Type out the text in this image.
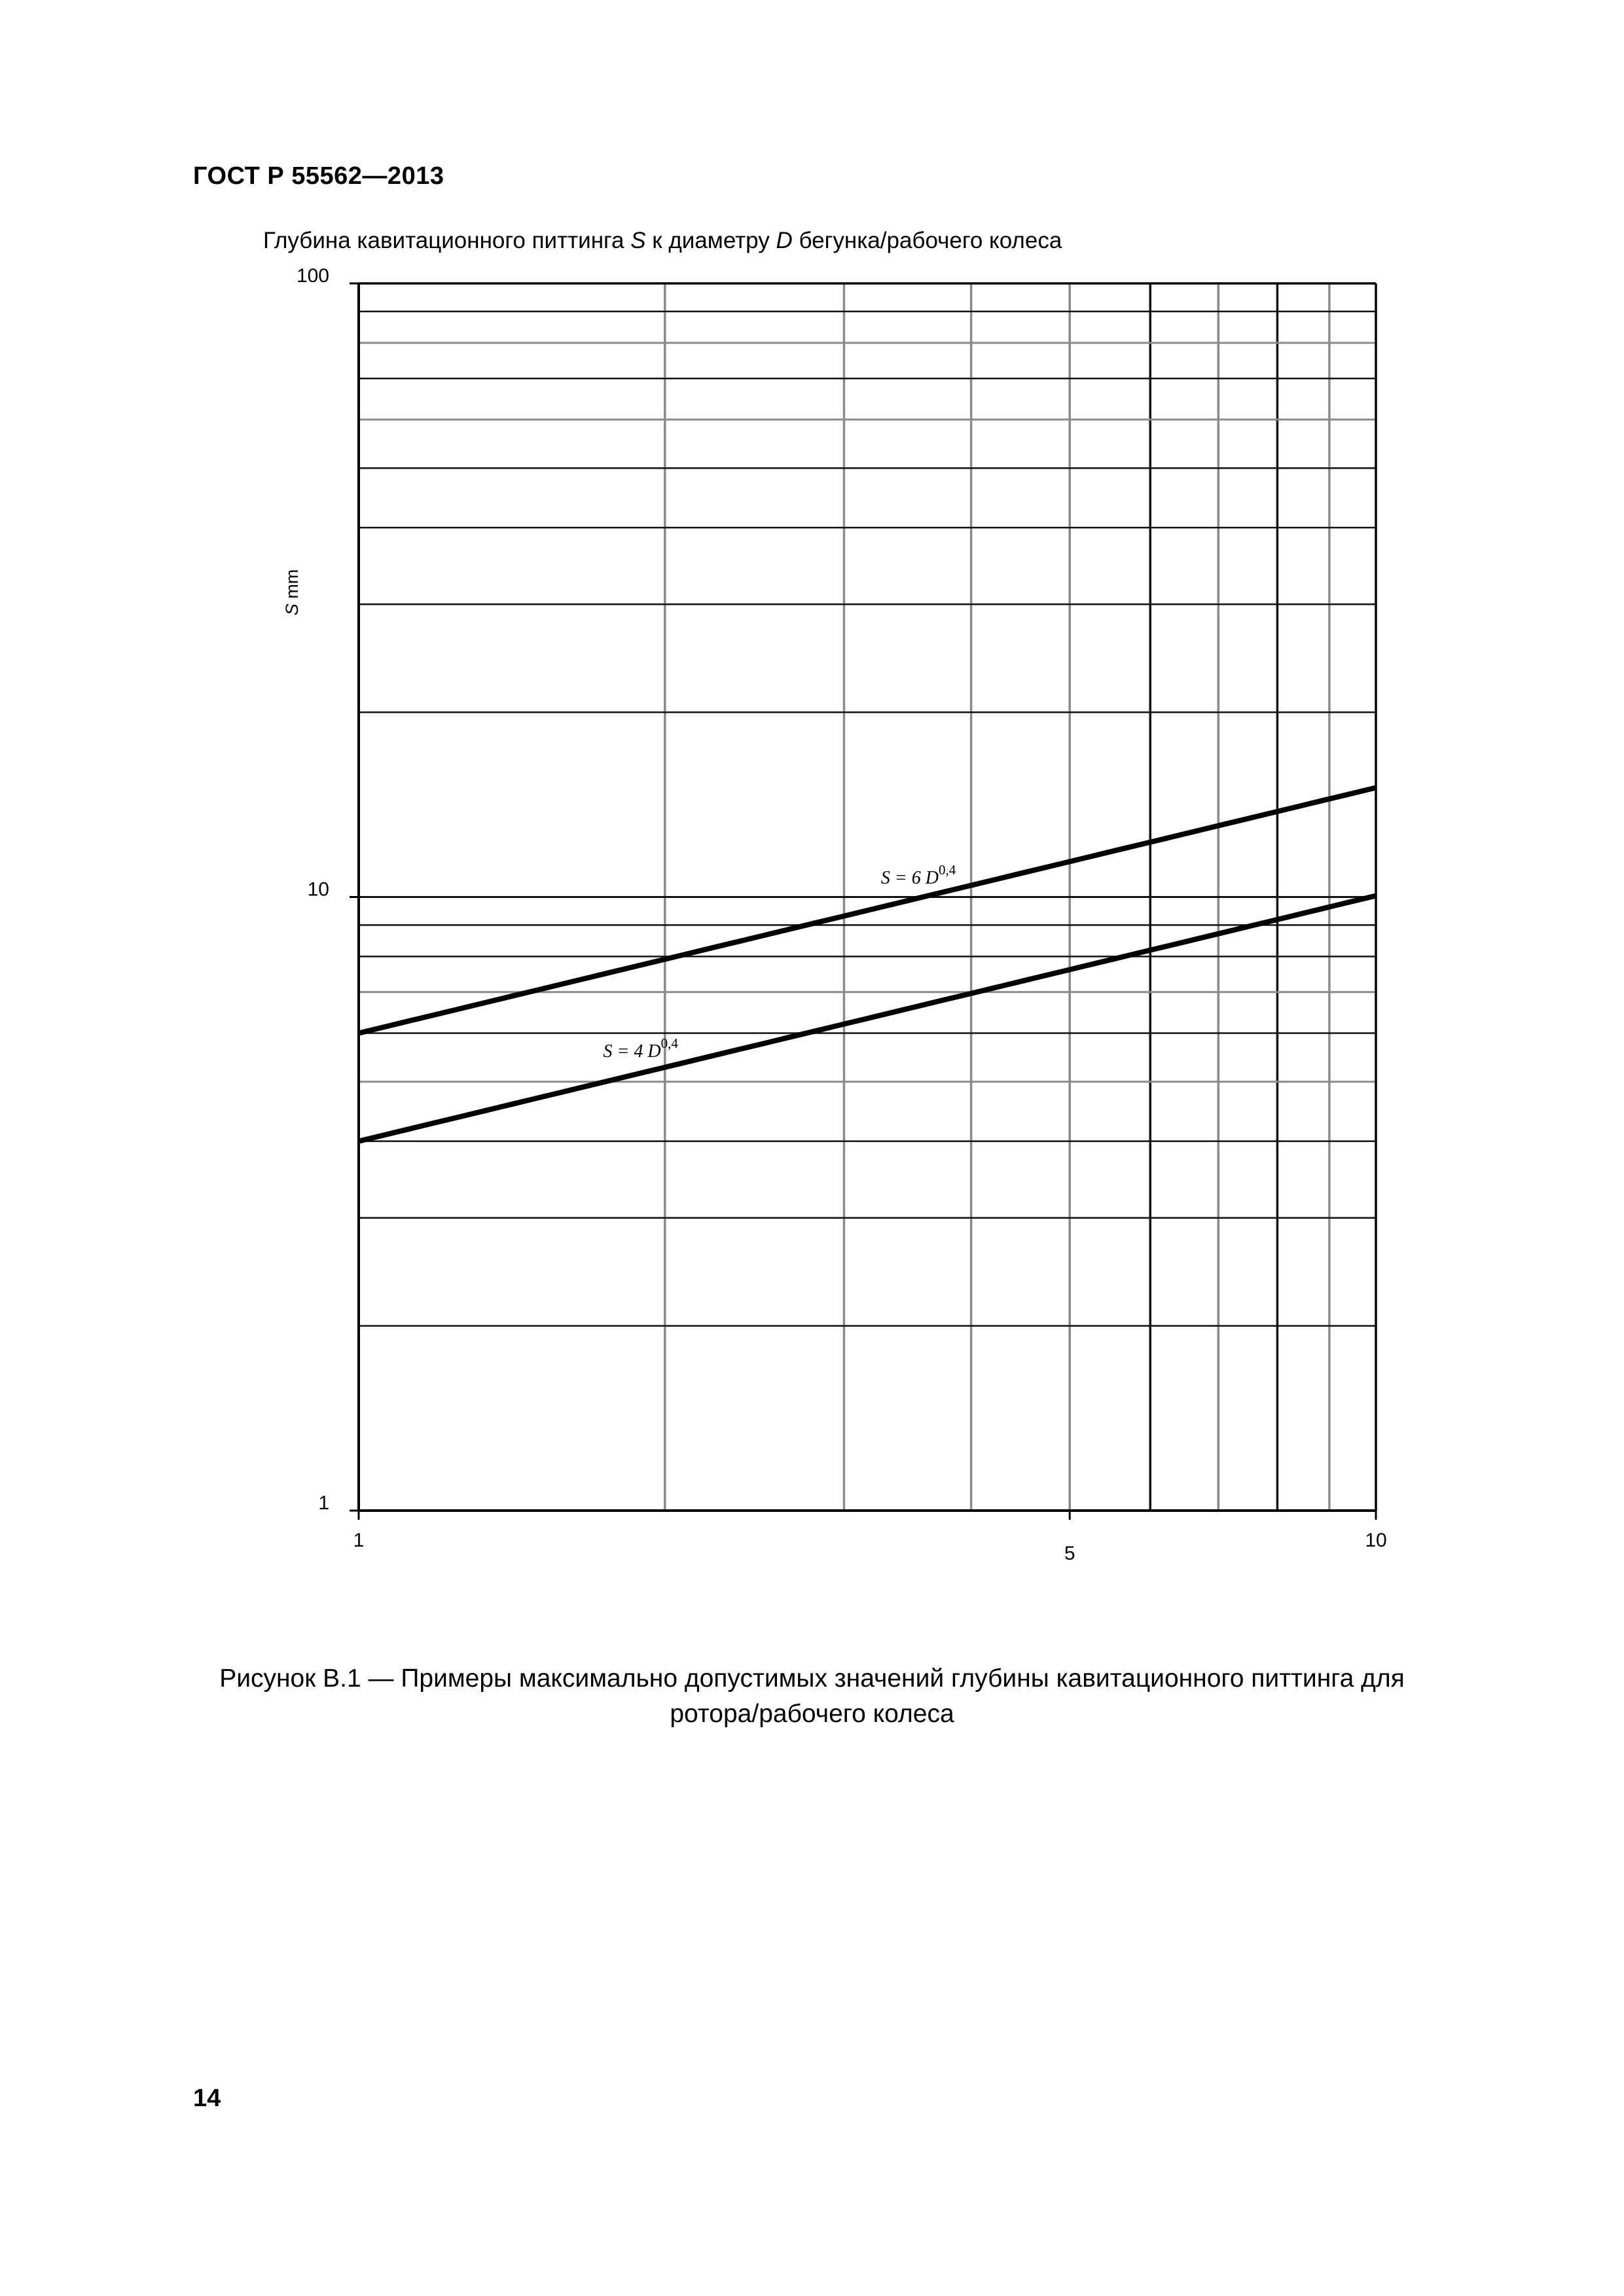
ГОСТ Р 55562—2013
Глубина кавитационного питтинга S к диаметру D бегунка/рабочего колеса
1
10
100
1
5
10
S mm
S = 6 D$^{0,4}$
S = 4 D$^{0,4}$
Рисунок В.1 — Примеры максимально допустимых значений глубины кавитационного питтинга для
ротора/рабочего колеса
14
